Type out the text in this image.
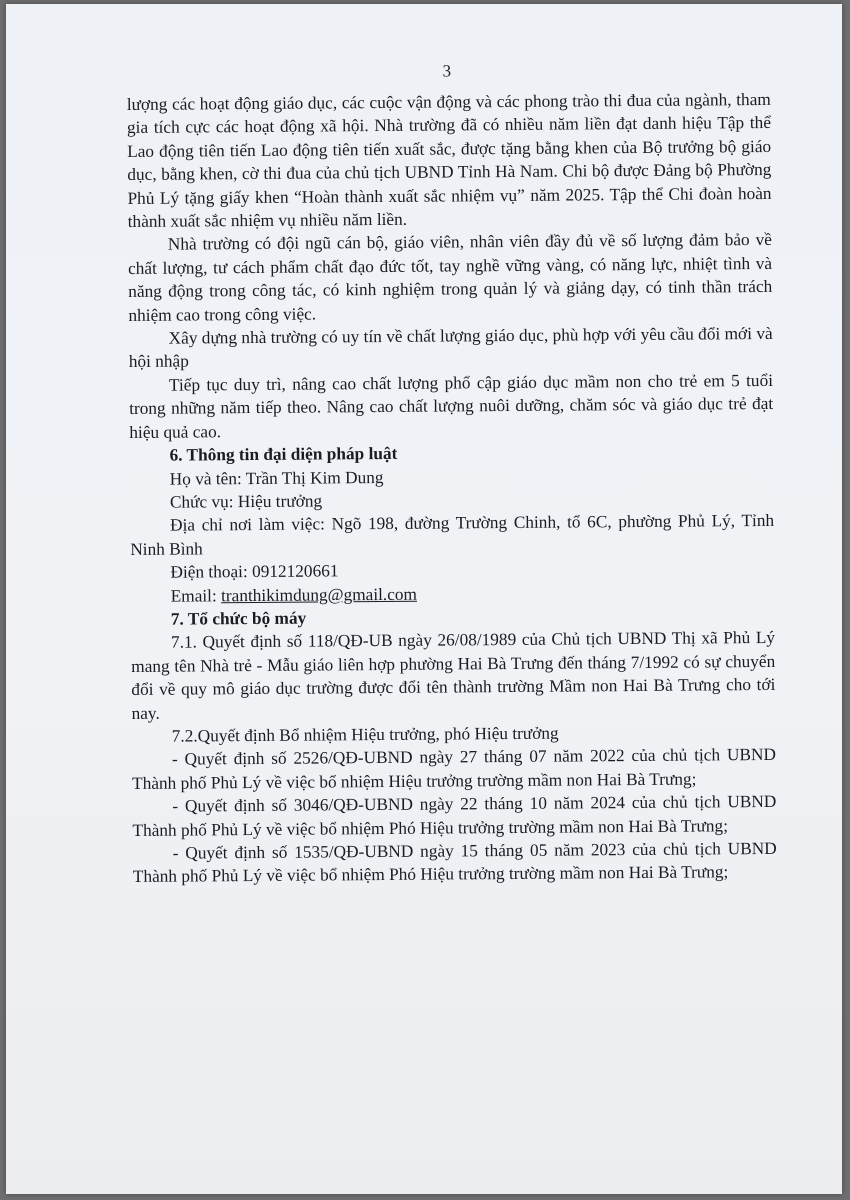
3

lượng các hoạt động giáo dục, các cuộc vận động và các phong trào thi đua của ngành, tham gia tích cực các hoạt động xã hội. Nhà trường đã có nhiều năm liền đạt danh hiệu Tập thể Lao động tiên tiến Lao động tiên tiến xuất sắc, được tặng bằng khen của Bộ trưởng bộ giáo dục, bằng khen, cờ thi đua của chủ tịch UBND Tỉnh Hà Nam. Chi bộ được Đảng bộ Phường Phủ Lý tặng giấy khen “Hoàn thành xuất sắc nhiệm vụ” năm 2025. Tập thể Chi đoàn hoàn thành xuất sắc nhiệm vụ nhiều năm liền.

Nhà trường có đội ngũ cán bộ, giáo viên, nhân viên đầy đủ về số lượng đảm bảo về chất lượng, tư cách phẩm chất đạo đức tốt, tay nghề vững vàng, có năng lực, nhiệt tình và năng động trong công tác, có kinh nghiệm trong quản lý và giảng dạy, có tinh thần trách nhiệm cao trong công việc.

Xây dựng nhà trường có uy tín về chất lượng giáo dục, phù hợp với yêu cầu đổi mới và hội nhập

Tiếp tục duy trì, nâng cao chất lượng phổ cập giáo dục mầm non cho trẻ em 5 tuổi trong những năm tiếp theo. Nâng cao chất lượng nuôi dưỡng, chăm sóc và giáo dục trẻ đạt hiệu quả cao.

6. Thông tin đại diện pháp luật

Họ và tên: Trần Thị Kim Dung

Chức vụ: Hiệu trưởng

Địa chỉ nơi làm việc: Ngõ 198, đường Trường Chinh, tổ 6C, phường Phủ Lý, Tỉnh Ninh Bình

Điện thoại: 0912120661

Email: tranthikimdung@gmail.com

7. Tổ chức bộ máy

7.1. Quyết định số 118/QĐ-UB ngày 26/08/1989 của Chủ tịch UBND Thị xã Phủ Lý mang tên Nhà trẻ - Mẫu giáo liên hợp phường Hai Bà Trưng đến tháng 7/1992 có sự chuyển đổi về quy mô giáo dục trường được đổi tên thành trường Mầm non Hai Bà Trưng cho tới nay.

7.2.Quyết định Bổ nhiệm Hiệu trưởng, phó Hiệu trưởng

- Quyết định số 2526/QĐ-UBND ngày 27 tháng 07 năm 2022 của chủ tịch UBND Thành phố Phủ Lý về việc bổ nhiệm Hiệu trưởng trường mầm non Hai Bà Trưng;

- Quyết định số 3046/QĐ-UBND ngày 22 tháng 10 năm 2024 của chủ tịch UBND Thành phố Phủ Lý về việc bổ nhiệm Phó Hiệu trưởng trường mầm non Hai Bà Trưng;

- Quyết định số 1535/QĐ-UBND ngày 15 tháng 05 năm 2023 của chủ tịch UBND Thành phố Phủ Lý về việc bổ nhiệm Phó Hiệu trưởng trường mầm non Hai Bà Trưng;
